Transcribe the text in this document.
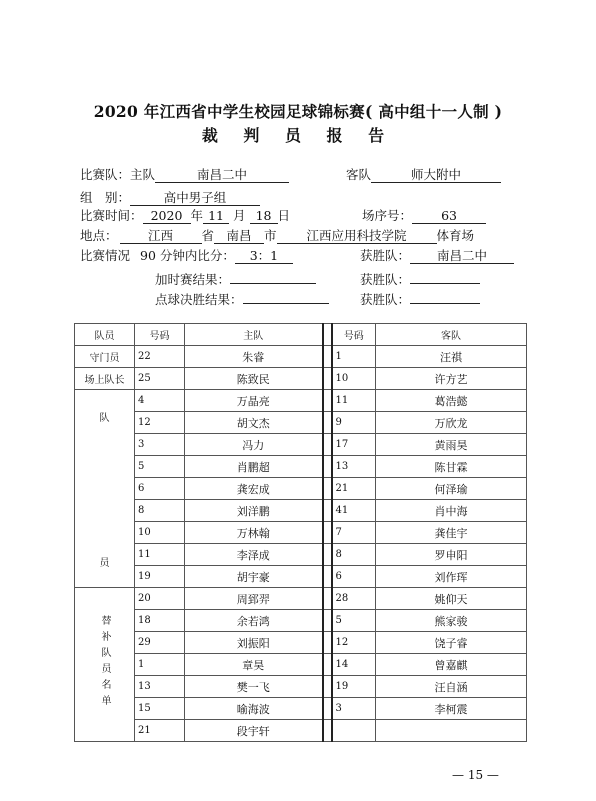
2020 年江西省中学生校园足球锦标赛( 高中组十一人制 )
裁 判 员 报 告
比赛队：主队	南昌二中	客队	师大附中
组　别：	高中男子组
比赛时间： 2020 年 11 月 18 日	场序号： 63
地点： 江西 省 南昌 市 江西应用科技学院 体育场
比赛情况 90 分钟内比分： 3：1	获胜队： 南昌二中
加时赛结果：	获胜队：
点球决胜结果：	获胜队：
队员	号码	主队		号码	客队
守门员	22	朱睿		1	汪祺
场上队长	25	陈致民		10	许方艺

队
员	4	万晶亮		11	葛浩懿
	12	胡文杰		9	万欣龙
	3	冯力		17	黄雨昊
	5	肖鹏超		13	陈甘霖
	6	龚宏成		21	何泽瑜
	8	刘洋鹏		41	肖中海
	10	万林翰		7	龚佳宇
	11	李泽成		8	罗申阳
	19	胡宇豪		6	刘作珲
替补队员名单	20	周郅羿		28	姚仰天
	18	余若鸿		5	熊家骏
	29	刘振阳		12	饶子睿
	1	章昊		14	曾嘉麒
	13	樊一飞		19	汪自涵
	15	喻海波		3	李柯震
	21	段宇轩			
— 15 —
